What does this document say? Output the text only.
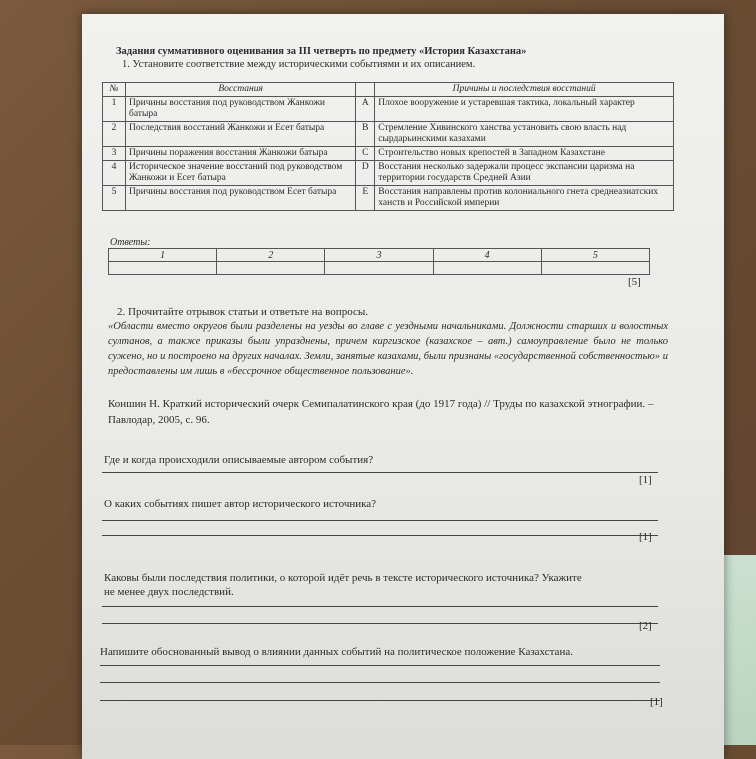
Задания суммативного оценивания за III четверть по предмету «История Казахстана»
1. Установите соответствие между историческими событиями и их описанием.
№	Восстания		Причины и последствия восстаний
1	Причины восстания под руководством Жанкожи батыра	A	Плохое вооружение и устаревшая тактика, локальный характер
2	Последствия восстаний Жанкожи и Есет батыра	B	Стремление Хивинского ханства установить свою власть над сырдарьинскими казахами
3	Причины поражения восстания Жанкожи батыра	C	Строительство новых крепостей в Западном Казахстане
4	Историческое значение восстаний под руководством Жанкожи и Есет батыра	D	Восстания несколько задержали процесс экспансии царизма на территории государств Средней Азии
5	Причины восстания под руководством Есет батыра	E	Восстания направлены против колониального гнета среднеазиатских ханств и Российской империи
Ответы:
1	2	3	4	5

[5]
2. Прочитайте отрывок статьи и ответьте на вопросы.
«Области вместо округов были разделены на уезды во главе с уездными начальниками. Должности старших и волостных султанов, а также приказы были упразднены, причем киргизское (казахское – авт.) самоуправление было не только сужено, но и построено на других началах. Земли, занятые казахами, были признаны «государственной собственностью» и предоставлены им лишь в «бессрочное общественное пользование».
Коншин Н. Краткий исторический очерк Семипалатинского края (до 1917 года) // Труды по казахской этнографии. – Павлодар, 2005, с. 96.
Где и когда происходили описываемые автором события?
[1]
О каких событиях пишет автор исторического источника?
[1]
Каковы были последствия политики, о которой идёт речь в тексте исторического источника? Укажите
не менее двух последствий.
[2]
Напишите обоснованный вывод о влиянии данных событий на политическое положение Казахстана.
[1]
